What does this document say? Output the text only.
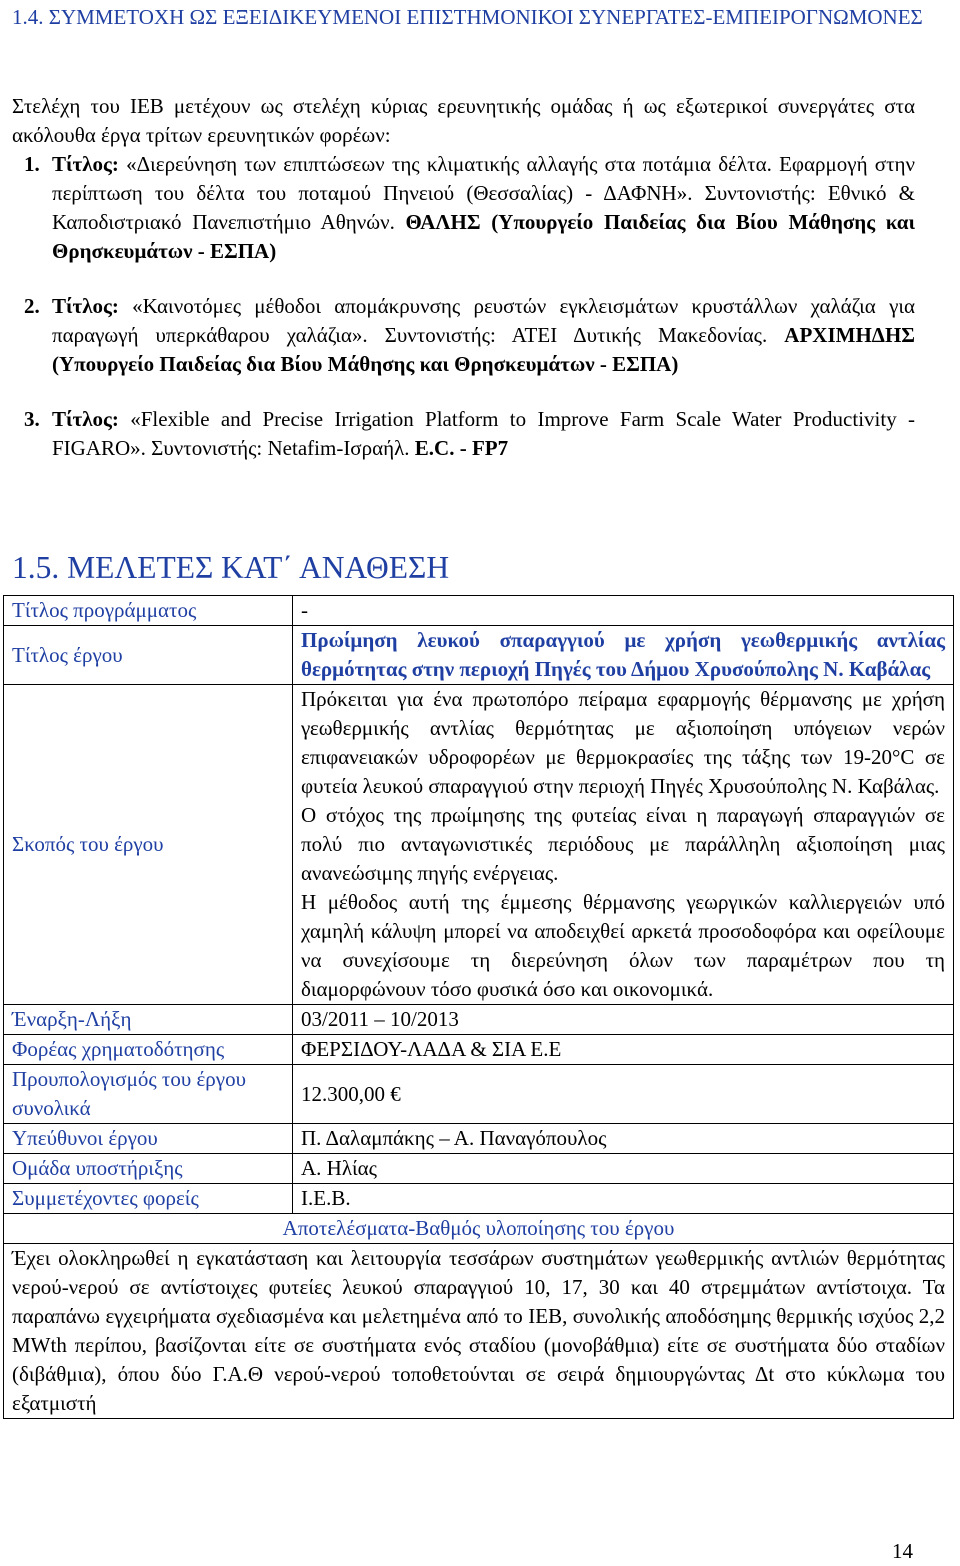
1.4. ΣΥΜΜΕΤΟΧΗ ΩΣ ΕΞΕΙΔΙΚΕΥΜΕΝΟΙ ΕΠΙΣΤΗΜΟΝΙΚΟΙ ΣΥΝΕΡΓΑΤΕΣ-ΕΜΠΕΙΡΟΓΝΩΜΟΝΕΣ

Στελέχη του ΙΕΒ μετέχουν ως στελέχη κύριας ερευνητικής ομάδας ή ως εξωτερικοί συνεργάτες στα ακόλουθα έργα τρίτων ερευνητικών φορέων:

1. Τίτλος: «Διερεύνηση των επιπτώσεων της κλιματικής αλλαγής στα ποτάμια δέλτα. Εφαρμογή στην περίπτωση του δέλτα του ποταμού Πηνειού (Θεσσαλίας) - ΔΑΦΝΗ». Συντονιστής: Εθνικό & Καποδιστριακό Πανεπιστήμιο Αθηνών. ΘΑΛΗΣ (Υπουργείο Παιδείας δια Βίου Μάθησης και Θρησκευμάτων - ΕΣΠΑ)

2. Τίτλος: «Καινοτόμες μέθοδοι απομάκρυνσης ρευστών εγκλεισμάτων κρυστάλλων χαλάζια για παραγωγή υπερκάθαρου χαλάζια». Συντονιστής: ΑΤΕΙ Δυτικής Μακεδονίας. ΑΡΧΙΜΗΔΗΣ (Υπουργείο Παιδείας δια Βίου Μάθησης και Θρησκευμάτων - ΕΣΠΑ)

3. Τίτλος: «Flexible and Precise Irrigation Platform to Improve Farm Scale Water Productivity - FIGARO». Συντονιστής: Netafim-Ισραήλ. E.C. - FP7

1.5. ΜΕΛΕΤΕΣ ΚΑΤ΄ ΑΝΑΘΕΣΗ
Τίτλος προγράμματος	-
Τίτλος έργου	Πρωίμηση λευκού σπαραγγιού με χρήση γεωθερμικής αντλίας θερμότητας στην περιοχή Πηγές του Δήμου Χρυσούπολης Ν. Καβάλας
Σκοπός του έργου	Πρόκειται για ένα πρωτοπόρο πείραμα εφαρμογής θέρμανσης με χρήση γεωθερμικής αντλίας θερμότητας με αξιοποίηση υπόγειων νερών επιφανειακών υδροφορέων με θερμοκρασίες της τάξης των 19-20°C σε φυτεία λευκού σπαραγγιού στην περιοχή Πηγές Χρυσούπολης Ν. Καβάλας.
Ο στόχος της πρωίμησης της φυτείας είναι η παραγωγή σπαραγγιών σε πολύ πιο ανταγωνιστικές περιόδους με παράλληλη αξιοποίηση μιας ανανεώσιμης πηγής ενέργειας.
Η μέθοδος αυτή της έμμεσης θέρμανσης γεωργικών καλλιεργειών υπό χαμηλή κάλυψη μπορεί να αποδειχθεί αρκετά προσοδοφόρα και οφείλουμε να συνεχίσουμε τη διερεύνηση όλων των παραμέτρων που τη διαμορφώνουν τόσο φυσικά όσο και οικονομικά.

Έναρξη-Λήξη	03/2011 – 10/2013
Φορέας χρηματοδότησης	ΦΕΡΣΙΔΟΥ-ΛΑΔΑ & ΣΙΑ Ε.Ε
Προυπολογισμός του έργου συνολικά	12.300,00 €
Υπεύθυνοι έργου	Π. Δαλαμπάκης – Α. Παναγόπουλος
Ομάδα υποστήριξης	Α. Ηλίας
Συμμετέχοντες φορείς	Ι.Ε.Β.
Αποτελέσματα-Βαθμός υλοποίησης του έργου	
Έχει ολοκληρωθεί η εγκατάσταση και λειτουργία τεσσάρων συστημάτων γεωθερμικής αντλιών θερμότητας νερού-νερού σε αντίστοιχες φυτείες λευκού σπαραγγιού 10, 17, 30 και 40 στρεμμάτων αντίστοιχα. Τα παραπάνω εγχειρήματα σχεδιασμένα και μελετημένα από το ΙΕΒ, συνολικής αποδόσημης θερμικής ισχύος 2,2 MWth περίπου, βασίζονται είτε σε συστήματα ενός σταδίου (μονοβάθμια) είτε σε συστήματα δύο σταδίων (διβάθμια), όπου δύο Γ.Α.Θ νερού-νερού τοποθετούνται σε σειρά δημιουργώντας Δt στο κύκλωμα του εξατμιστή	
14
